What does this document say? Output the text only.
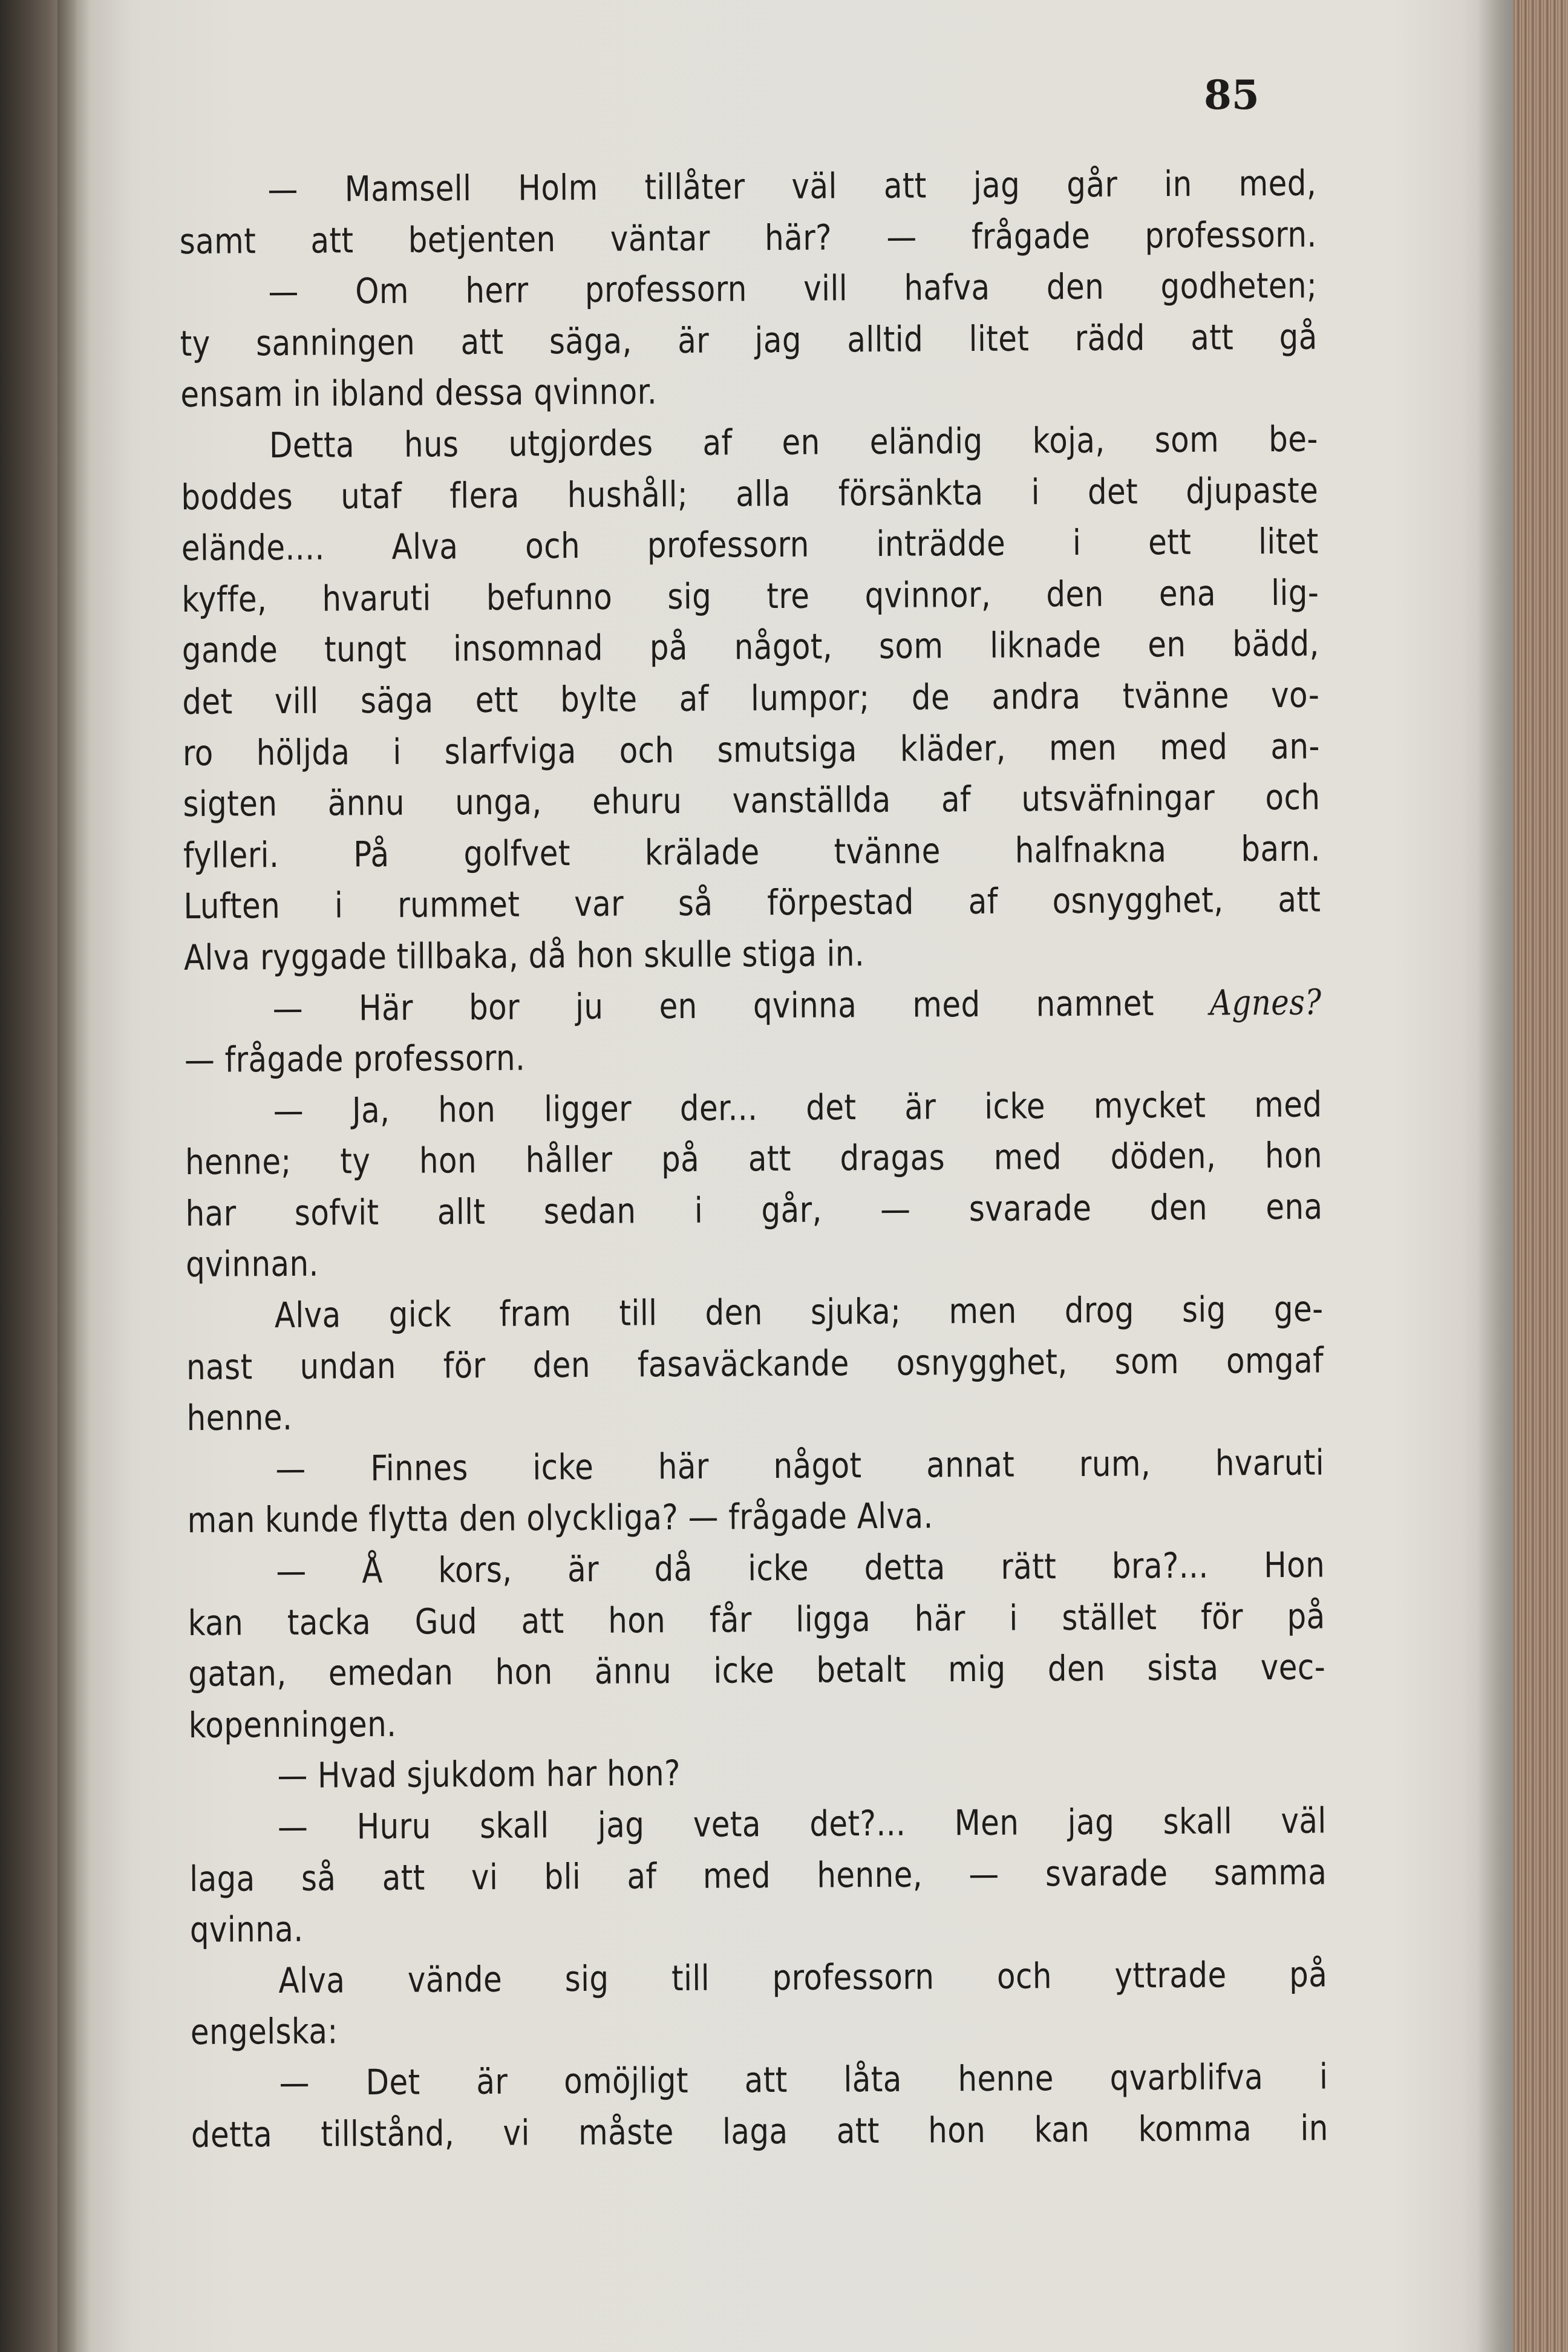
85
— Mamsell Holm tillåter väl att jag går in med,
samt att betjenten väntar här? — frågade professorn.
— Om herr professorn vill hafva den godheten;
ty sanningen att säga, är jag alltid litet rädd att gå
ensam in ibland dessa qvinnor.
Detta hus utgjordes af en eländig koja, som be-
boddes utaf flera hushåll; alla försänkta i det djupaste
elände.... Alva och professorn inträdde i ett litet
kyffe, hvaruti befunno sig tre qvinnor, den ena lig-
gande tungt insomnad på något, som liknade en bädd,
det vill säga ett bylte af lumpor; de andra tvänne vo-
ro höljda i slarfviga och smutsiga kläder, men med an-
sigten ännu unga, ehuru vanställda af utsväfningar och
fylleri. På golfvet krälade tvänne halfnakna barn.
Luften i rummet var så förpestad af osnygghet, att
Alva ryggade tillbaka, då hon skulle stiga in.
— Här bor ju en qvinna med namnet Agnes?
— frågade professorn.
— Ja, hon ligger der... det är icke mycket med
henne; ty hon håller på att dragas med döden, hon
har sofvit allt sedan i går, — svarade den ena
qvinnan.
Alva gick fram till den sjuka; men drog sig ge-
nast undan för den fasaväckande osnygghet, som omgaf
henne.
— Finnes icke här något annat rum, hvaruti
man kunde flytta den olyckliga? — frågade Alva.
— Å kors, är då icke detta rätt bra?... Hon
kan tacka Gud att hon får ligga här i stället för på
gatan, emedan hon ännu icke betalt mig den sista vec-
kopenningen.
— Hvad sjukdom har hon?
— Huru skall jag veta det?... Men jag skall väl
laga så att vi bli af med henne, — svarade samma
qvinna.
Alva vände sig till professorn och yttrade på
engelska:
— Det är omöjligt att låta henne qvarblifva i
detta tillstånd, vi måste laga att hon kan komma in
